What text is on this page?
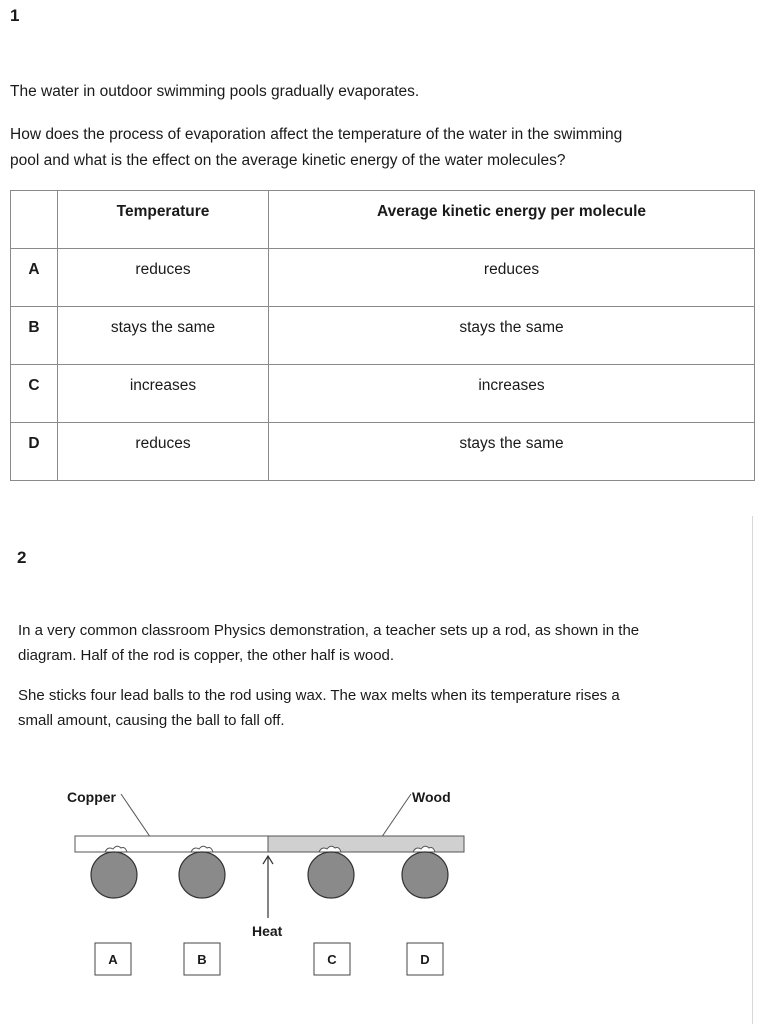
1
The water in outdoor swimming pools gradually evaporates.
How does the process of evaporation affect the temperature of the water in the swimming
pool and what is the effect on the average kinetic energy of the water molecules?
	Temperature	Average kinetic energy per molecule
A	reduces	reduces
B	stays the same	stays the same
C	increases	increases
D	reduces	stays the same
2
In a very common classroom Physics demonstration, a teacher sets up a rod, as shown in the
diagram. Half of the rod is copper, the other half is wood.
She sticks four lead balls to the rod using wax. The wax melts when its temperature rises a
small amount, causing the ball to fall off.
Copper	Wood
Heat
A	B	C	D
